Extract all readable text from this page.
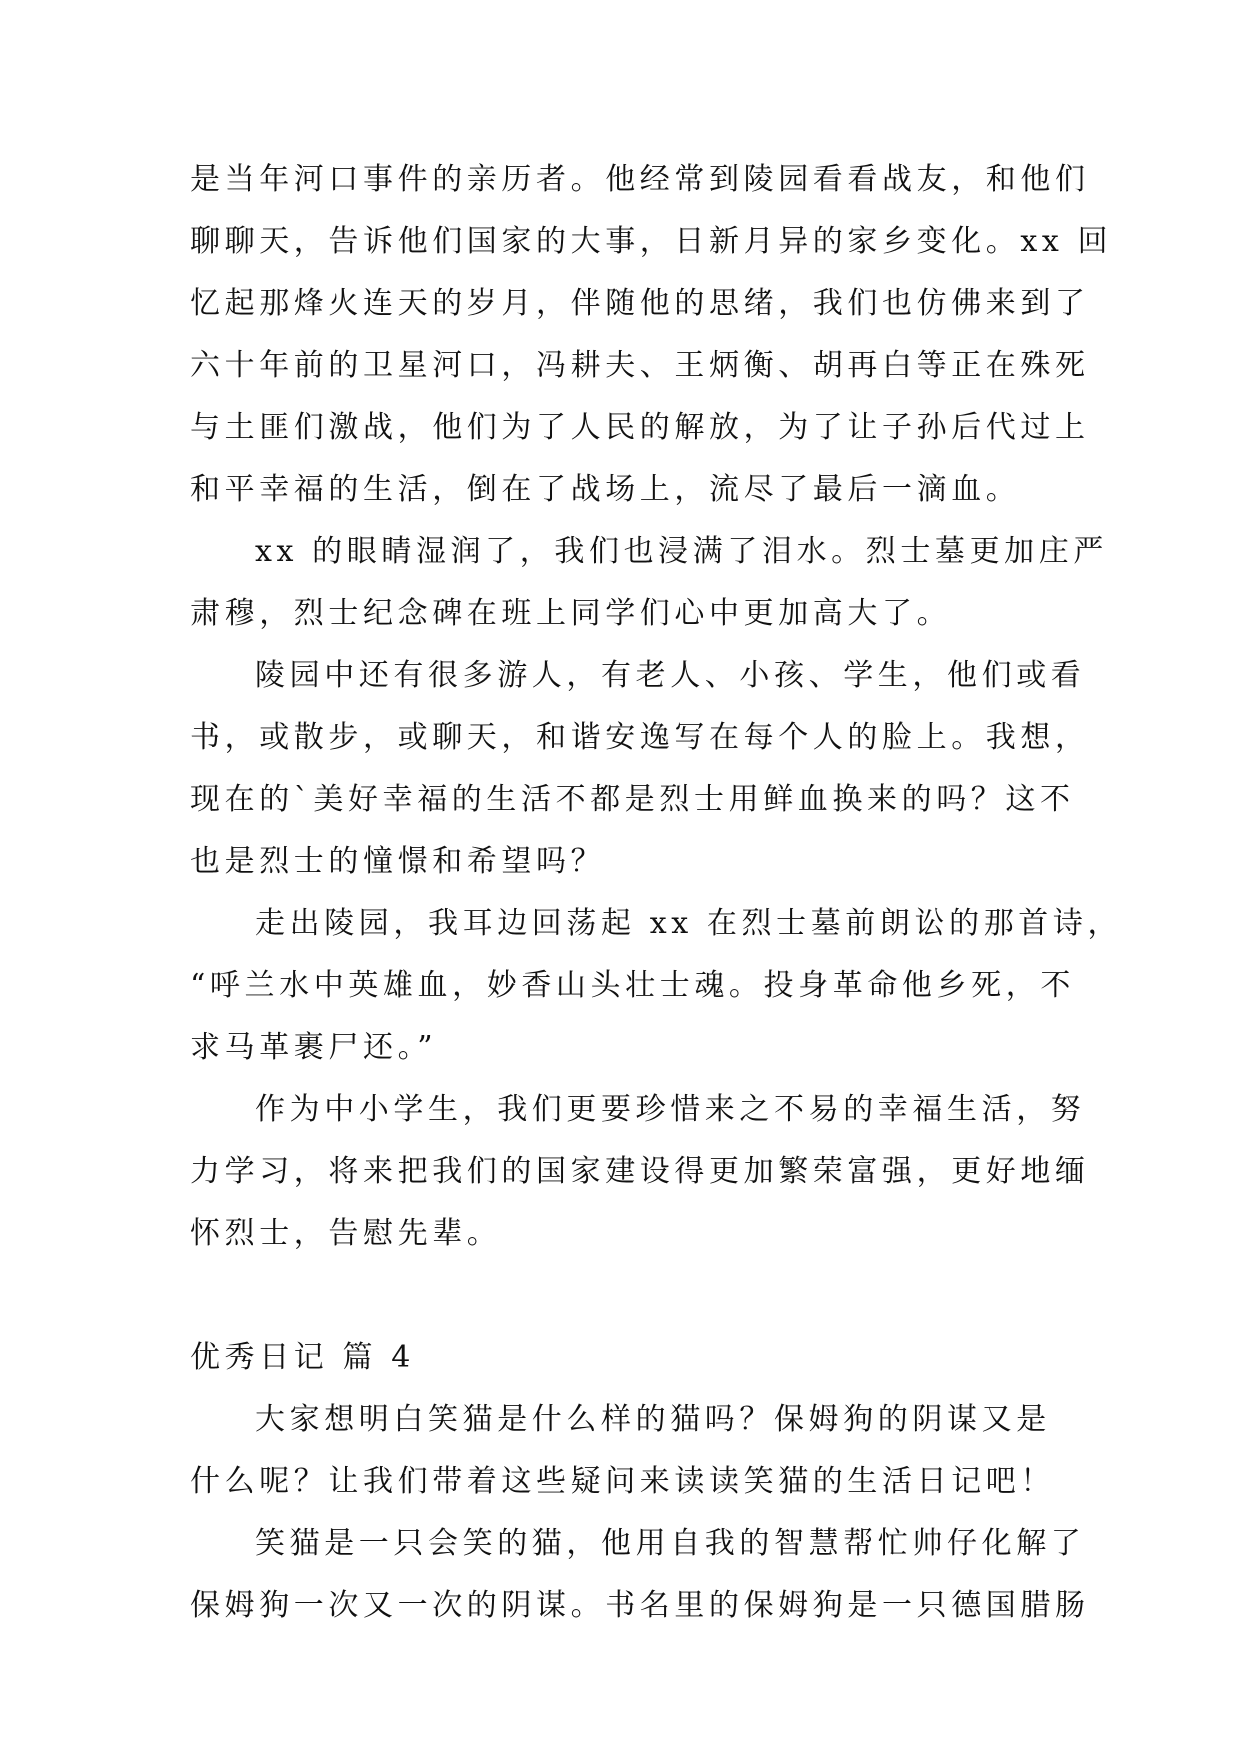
是当年河口事件的亲历者。他经常到陵园看看战友，和他们
聊聊天，告诉他们国家的大事，日新月异的家乡变化。xx 回
忆起那烽火连天的岁月，伴随他的思绪，我们也仿佛来到了
六十年前的卫星河口，冯耕夫、王炳衡、胡再白等正在殊死
与土匪们激战，他们为了人民的解放，为了让子孙后代过上
和平幸福的生活，倒在了战场上，流尽了最后一滴血。
xx 的眼睛湿润了，我们也浸满了泪水。烈士墓更加庄严
肃穆，烈士纪念碑在班上同学们心中更加高大了。
陵园中还有很多游人，有老人、小孩、学生，他们或看
书，或散步，或聊天，和谐安逸写在每个人的脸上。我想，
现在的`美好幸福的生活不都是烈士用鲜血换来的吗？这不
也是烈士的憧憬和希望吗？
走出陵园，我耳边回荡起 xx 在烈士墓前朗讼的那首诗，
“呼兰水中英雄血，妙香山头壮士魂。投身革命他乡死，不
求马革裹尸还。”
作为中小学生，我们更要珍惜来之不易的幸福生活，努
力学习，将来把我们的国家建设得更加繁荣富强，更好地缅
怀烈士，告慰先辈。
优秀日记 篇 4
大家想明白笑猫是什么样的猫吗？保姆狗的阴谋又是
什么呢？让我们带着这些疑问来读读笑猫的生活日记吧！
笑猫是一只会笑的猫，他用自我的智慧帮忙帅仔化解了
保姆狗一次又一次的阴谋。书名里的保姆狗是一只德国腊肠
